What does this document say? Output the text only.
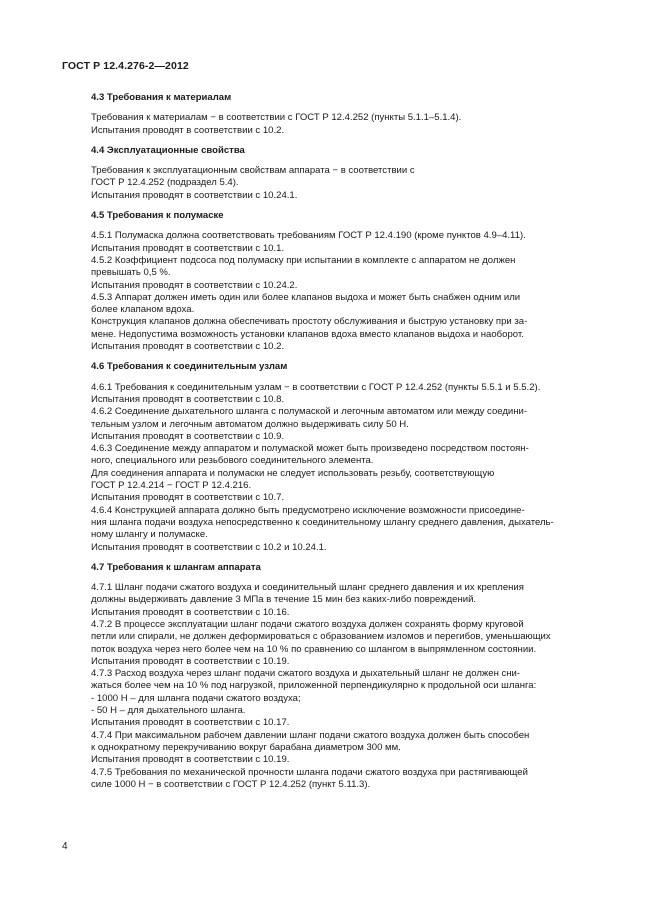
ГОСТ Р 12.4.276-2—2012

4.3 Требования к материалам

Требования к материалам − в соответствии с ГОСТ Р 12.4.252 (пункты 5.1.1–5.1.4).

Испытания проводят в соответствии с 10.2.

4.4 Эксплуатационные свойства

Требования к эксплуатационным свойствам аппарата − в соответствии с

ГОСТ Р 12.4.252 (подраздел 5.4).

Испытания проводят в соответствии с 10.24.1.

4.5 Требования к полумаске

4.5.1 Полумаска должна соответствовать требованиям ГОСТ Р 12.4.190 (кроме пунктов 4.9–4.11).

Испытания проводят в соответствии с 10.1.

4.5.2 Коэффициент подсоса под полумаску при испытании в комплекте с аппаратом не должен

превышать 0,5 %.

Испытания проводят в соответствии с 10.24.2.

4.5.3 Аппарат должен иметь один или более клапанов выдоха и может быть снабжен одним или

более клапаном вдоха.

Конструкция клапанов должна обеспечивать простоту обслуживания и быструю установку при за-

мене. Недопустима возможность установки клапанов вдоха вместо клапанов выдоха и наоборот.

Испытания проводят в соответствии с 10.2.

4.6 Требования к соединительным узлам

4.6.1 Требования к соединительным узлам − в соответствии с ГОСТ Р 12.4.252 (пункты 5.5.1 и 5.5.2).

Испытания проводят в соответствии с 10.8.

4.6.2 Соединение дыхательного шланга с полумаской и легочным автоматом или между соедини-

тельным узлом и легочным автоматом должно выдерживать силу 50 Н.

Испытания проводят в соответствии с 10.9.

4.6.3 Соединение между аппаратом и полумаской может быть произведено посредством постоян-

ного, специального или резьбового соединительного элемента.

Для соединения аппарата и полумаски не следует использовать резьбу, соответствующую

ГОСТ Р 12.4.214 − ГОСТ Р 12.4.216.

Испытания проводят в соответствии с 10.7.

4.6.4 Конструкцией аппарата должно быть предусмотрено исключение возможности присоедине-

ния шланга подачи воздуха непосредственно к соединительному шлангу среднего давления, дыхатель-

ному шлангу и полумаске.

Испытания проводят в соответствии с 10.2 и 10.24.1.

4.7 Требования к шлангам аппарата

4.7.1 Шланг подачи сжатого воздуха и соединительный шланг среднего давления и их крепления

должны выдерживать давление 3 МПа в течение 15 мин без каких-либо повреждений.

Испытания проводят в соответствии с 10.16.

4.7.2 В процессе эксплуатации шланг подачи сжатого воздуха должен сохранять форму круговой

петли или спирали, не должен деформироваться с образованием изломов и перегибов, уменьшающих

поток воздуха через него более чем на 10 % по сравнению со шлангом в выпрямленном состоянии.

Испытания проводят в соответствии с 10.19.

4.7.3 Расход воздуха через шланг подачи сжатого воздуха и дыхательный шланг не должен сни-

жаться более чем на 10 % под нагрузкой, приложенной перпендикулярно к продольной оси шланга:

- 1000 Н – для шланга подачи сжатого воздуха;

- 50 Н – для дыхательного шланга.

Испытания проводят в соответствии с 10.17.

4.7.4 При максимальном рабочем давлении шланг подачи сжатого воздуха должен быть способен

к однократному перекручиванию вокруг барабана диаметром 300 мм.

Испытания проводят в соответствии с 10.19.

4.7.5 Требования по механической прочности шланга подачи сжатого воздуха при растягивающей

силе 1000 Н − в соответствии с ГОСТ Р 12.4.252 (пункт 5.11.3).

4
